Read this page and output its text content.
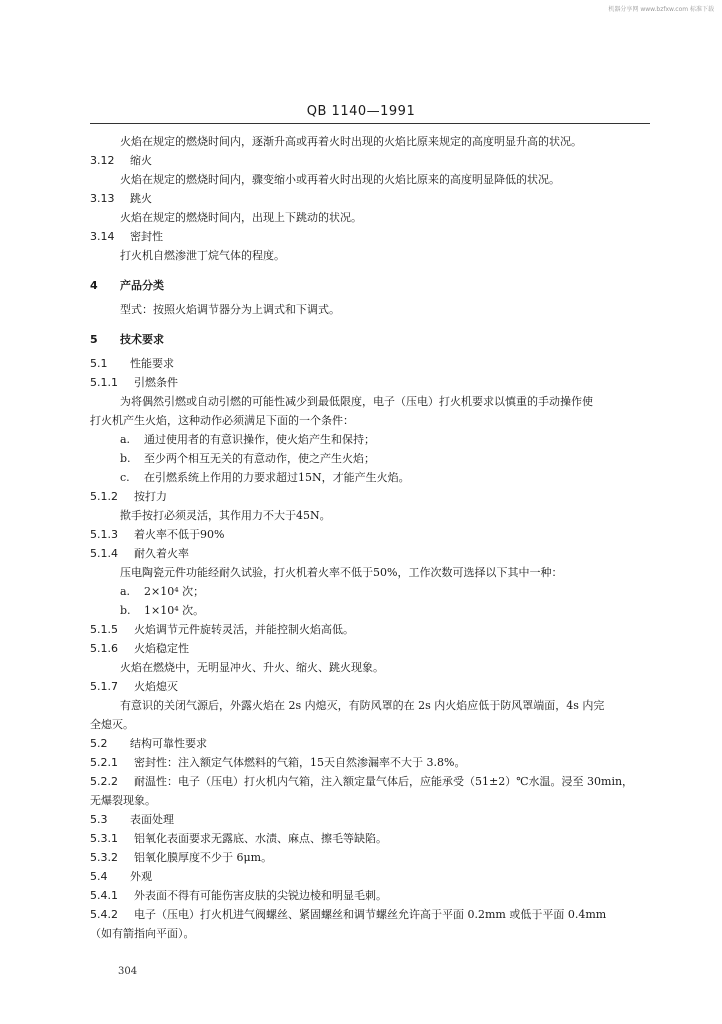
机器分享网 www.bzfxw.com 标准下载
QB 1140—1991
火焰在规定的燃烧时间内，逐渐升高或再着火时出现的火焰比原来规定的高度明显升高的状况。
3.12 缩火
火焰在规定的燃烧时间内，骤变缩小或再着火时出现的火焰比原来的高度明显降低的状况。
3.13 跳火
火焰在规定的燃烧时间内，出现上下跳动的状况。
3.14 密封性
打火机自燃渗泄丁烷气体的程度。
4 产品分类
型式：按照火焰调节器分为上调式和下调式。
5 技术要求
5.1 性能要求
5.1.1 引燃条件
为将偶然引燃或自动引燃的可能性减少到最低限度，电子（压电）打火机要求以慎重的手动操作使
打火机产生火焰，这种动作必须满足下面的一个条件：
a. 通过使用者的有意识操作，使火焰产生和保持；
b. 至少两个相互无关的有意动作，使之产生火焰；
c. 在引燃系统上作用的力要求超过15N，才能产生火焰。
5.1.2 按打力
揿手按打必须灵活，其作用力不大于45N。
5.1.3 着火率不低于90%
5.1.4 耐久着火率
压电陶瓷元件功能经耐久试验，打火机着火率不低于50%，工作次数可选择以下其中一种：
a. 2×10⁴ 次；
b. 1×10⁴ 次。
5.1.5 火焰调节元件旋转灵活，并能控制火焰高低。
5.1.6 火焰稳定性
火焰在燃烧中，无明显冲火、升火、缩火、跳火现象。
5.1.7 火焰熄灭
有意识的关闭气源后，外露火焰在 2s 内熄灭，有防风罩的在 2s 内火焰应低于防风罩端面，4s 内完
全熄灭。
5.2 结构可靠性要求
5.2.1 密封性：注入额定气体燃料的气箱，15天自然渗漏率不大于 3.8%。
5.2.2 耐温性：电子（压电）打火机内气箱，注入额定量气体后，应能承受（51±2）℃水温。浸至 30min，
无爆裂现象。
5.3 表面处理
5.3.1 铝氧化表面要求无露底、水渍、麻点、擦毛等缺陷。
5.3.2 铝氧化膜厚度不少于 6μm。
5.4 外观
5.4.1 外表面不得有可能伤害皮肤的尖锐边棱和明显毛刺。
5.4.2 电子（压电）打火机进气阀螺丝、紧固螺丝和调节螺丝允许高于平面 0.2mm 或低于平面 0.4mm
（如有箭指向平面）。
304
